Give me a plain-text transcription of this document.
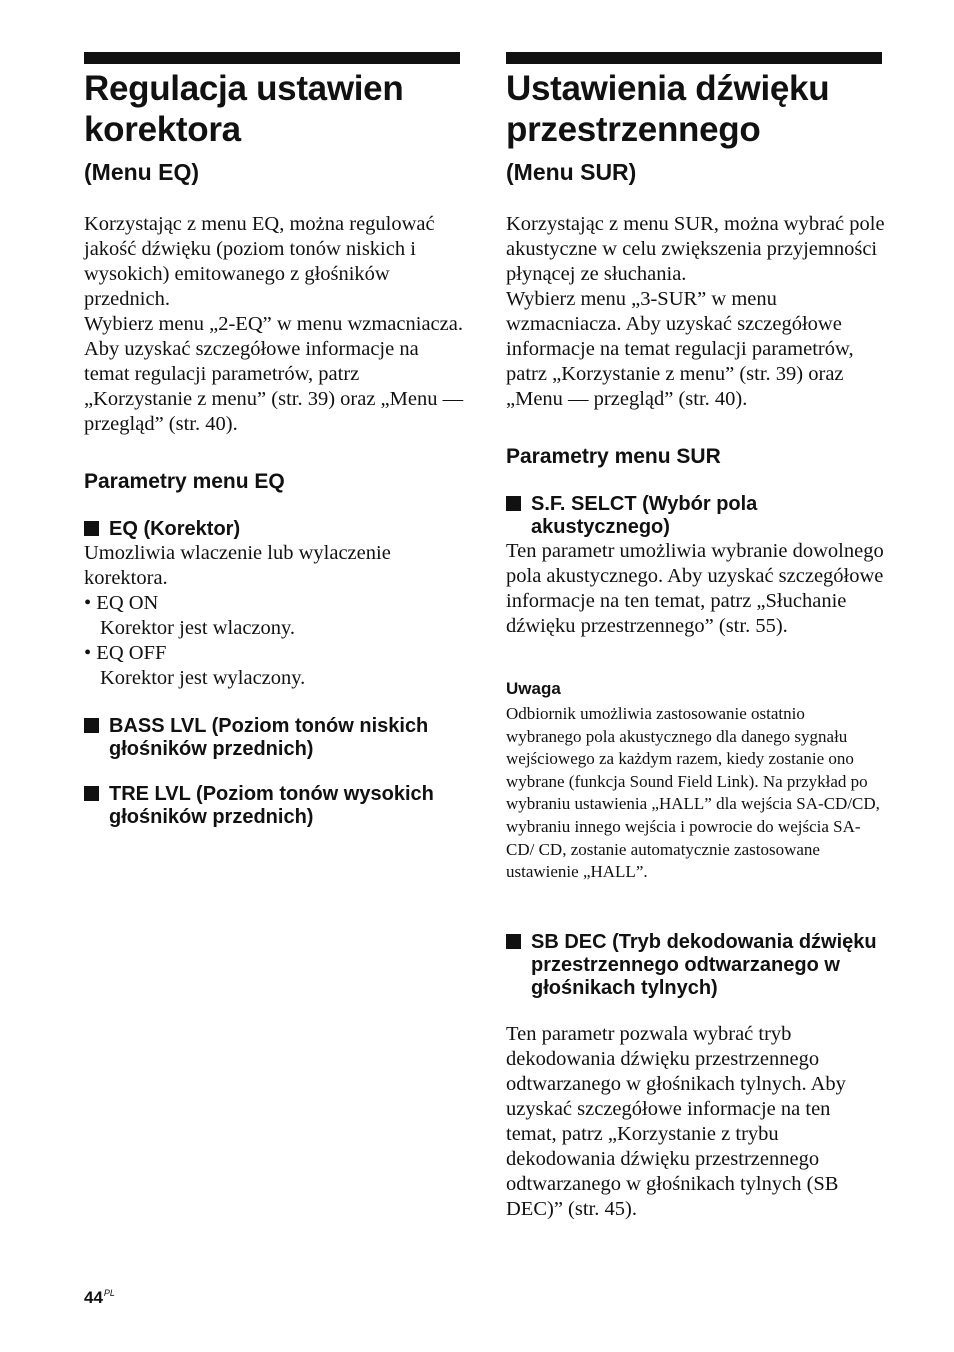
Regulacja ustawien korektora
(Menu EQ)

Korzystając z menu EQ, można regulować jakość dźwięku (poziom tonów niskich i wysokich) emitowanego z głośników przednich.
Wybierz menu „2-EQ” w menu wzmacniacza. Aby uzyskać szczegółowe informacje na temat regulacji parametrów, patrz „Korzystanie z menu” (str. 39) oraz „Menu — przegląd” (str. 40).

Parametry menu EQ
EQ (Korektor)

Umozliwia wlaczenie lub wylaczenie korektora.

• EQ ON
Korektor jest wlaczony.
• EQ OFF
Korektor jest wylaczony.
BASS LVL (Poziom tonów niskich głośników przednich)
TRE LVL (Poziom tonów wysokich głośników przednich)
Ustawienia dźwięku przestrzennego
(Menu SUR)

Korzystając z menu SUR, można wybrać pole akustyczne w celu zwiększenia przyjemności płynącej ze słuchania.
Wybierz menu „3-SUR” w menu wzmacniacza. Aby uzyskać szczegółowe informacje na temat regulacji parametrów, patrz „Korzystanie z menu” (str. 39) oraz „Menu — przegląd” (str. 40).

Parametry menu SUR
S.F. SELCT (Wybór pola akustycznego)

Ten parametr umożliwia wybranie dowolnego pola akustycznego. Aby uzyskać szczegółowe informacje na ten temat, patrz „Słuchanie dźwięku przestrzennego” (str. 55).

Uwaga

Odbiornik umożliwia zastosowanie ostatnio wybranego pola akustycznego dla danego sygnału wejściowego za każdym razem, kiedy zostanie ono wybrane (funkcja Sound Field Link). Na przykład po wybraniu ustawienia „HALL” dla wejścia SA-CD/CD, wybraniu innego wejścia i powrocie do wejścia SA-CD/ CD, zostanie automatycznie zastosowane ustawienie „HALL”.

SB DEC (Tryb dekodowania dźwięku przestrzennego odtwarzanego w głośnikach tylnych)

Ten parametr pozwala wybrać tryb dekodowania dźwięku przestrzennego odtwarzanego w głośnikach tylnych. Aby uzyskać szczegółowe informacje na ten temat, patrz „Korzystanie z trybu dekodowania dźwięku przestrzennego odtwarzanego w głośnikach tylnych (SB DEC)” (str. 45).

$44^{PL}$
